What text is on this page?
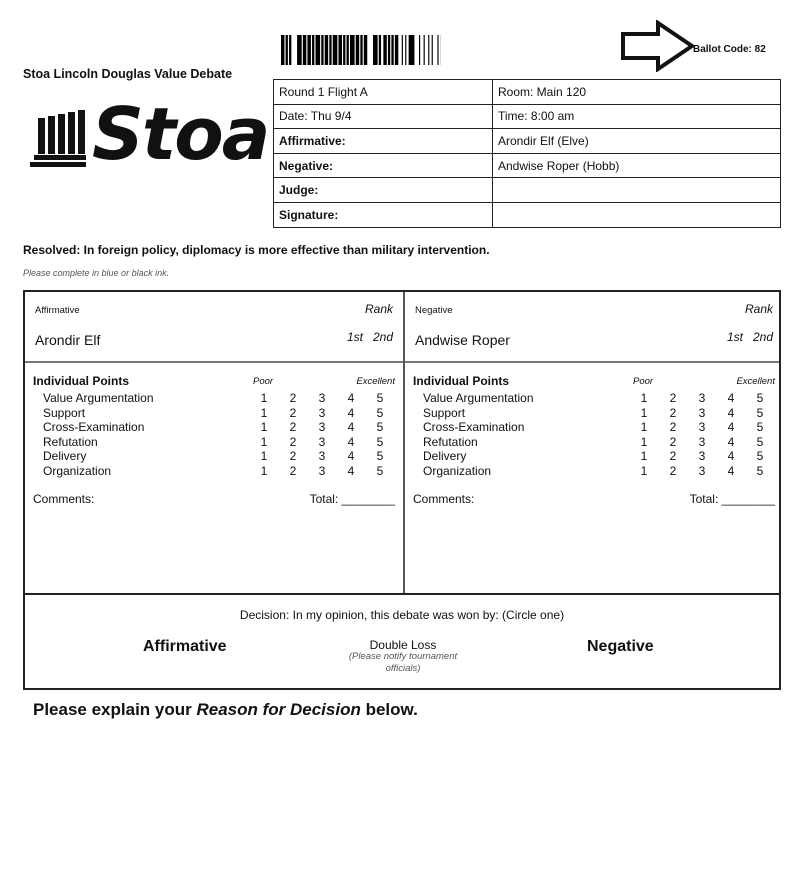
Stoa Lincoln Douglas Value Debate
Stoa
Ballot Code: 82
Round 1 Flight A	Room: Main 120
Date: Thu 9/4	Time: 8:00 am
Affirmative:	Arondir Elf (Elve)
Negative:	Andwise Roper (Hobb)
Judge:	
Signature:	
Resolved: In foreign policy, diplomacy is more effective than military intervention.
Please complete in blue or black ink.
Affirmative	Rank
Arondir Elf	1st 2nd
Individual Points	Poor	Excellent
Value Argumentation	1 2 3 4 5
Support	1 2 3 4 5
Cross-Examination	1 2 3 4 5
Refutation	1 2 3 4 5
Delivery	1 2 3 4 5
Organization	1 2 3 4 5
Comments:	Total: ________
Negative	Rank
Andwise Roper	1st 2nd
Individual Points	Poor	Excellent
Value Argumentation	1 2 3 4 5
Support	1 2 3 4 5
Cross-Examination	1 2 3 4 5
Refutation	1 2 3 4 5
Delivery	1 2 3 4 5
Organization	1 2 3 4 5
Comments:	Total: ________
Decision: In my opinion, this debate was won by: (Circle one)
Affirmative	Double Loss
(Please notify tournament officials)
Negative
Please explain your Reason for Decision below.
